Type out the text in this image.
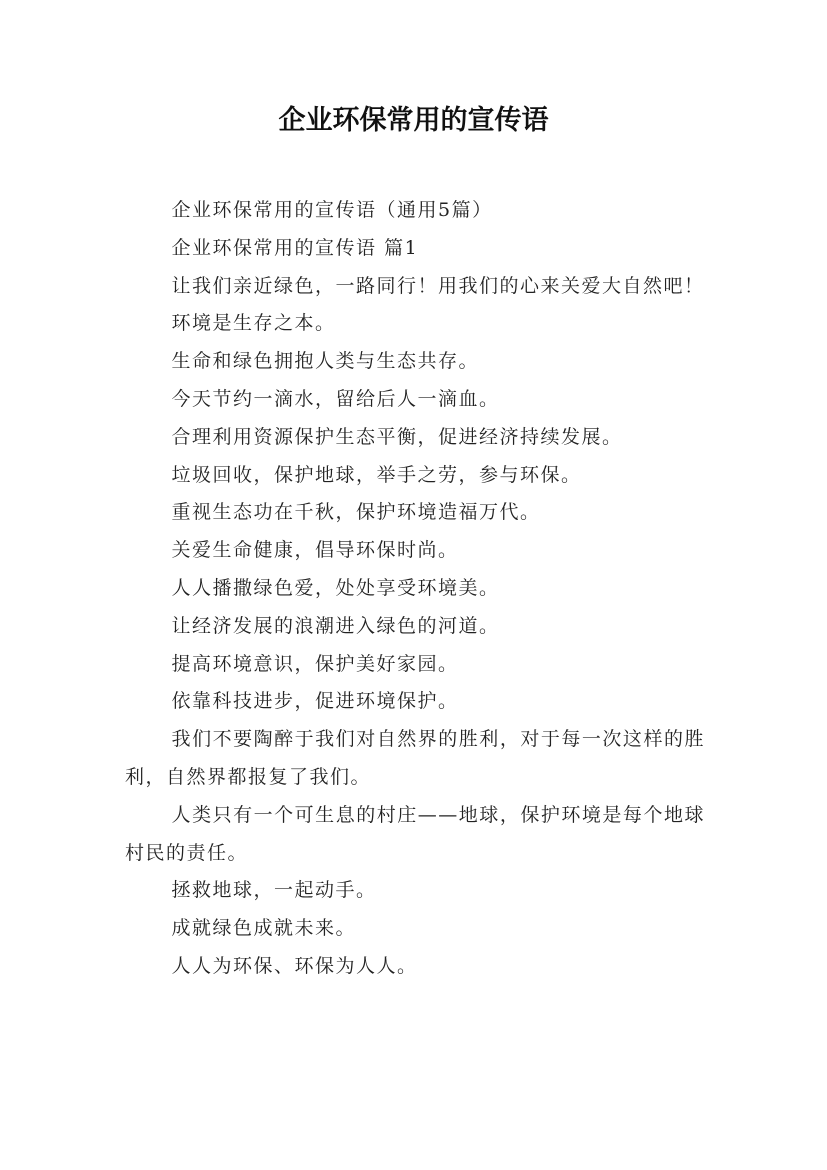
企业环保常用的宣传语

企业环保常用的宣传语（通用5篇）

企业环保常用的宣传语 篇1

让我们亲近绿色，一路同行！用我们的心来关爱大自然吧！

环境是生存之本。

生命和绿色拥抱人类与生态共存。

今天节约一滴水，留给后人一滴血。

合理利用资源保护生态平衡，促进经济持续发展。

垃圾回收，保护地球，举手之劳，参与环保。

重视生态功在千秋，保护环境造福万代。

关爱生命健康，倡导环保时尚。

人人播撒绿色爱，处处享受环境美。

让经济发展的浪潮进入绿色的河道。

提高环境意识，保护美好家园。

依靠科技进步，促进环境保护。

我们不要陶醉于我们对自然界的胜利，对于每一次这样的胜利，自然界都报复了我们。

人类只有一个可生息的村庄——地球，保护环境是每个地球村民的责任。

拯救地球，一起动手。

成就绿色成就未来。

人人为环保、环保为人人。
